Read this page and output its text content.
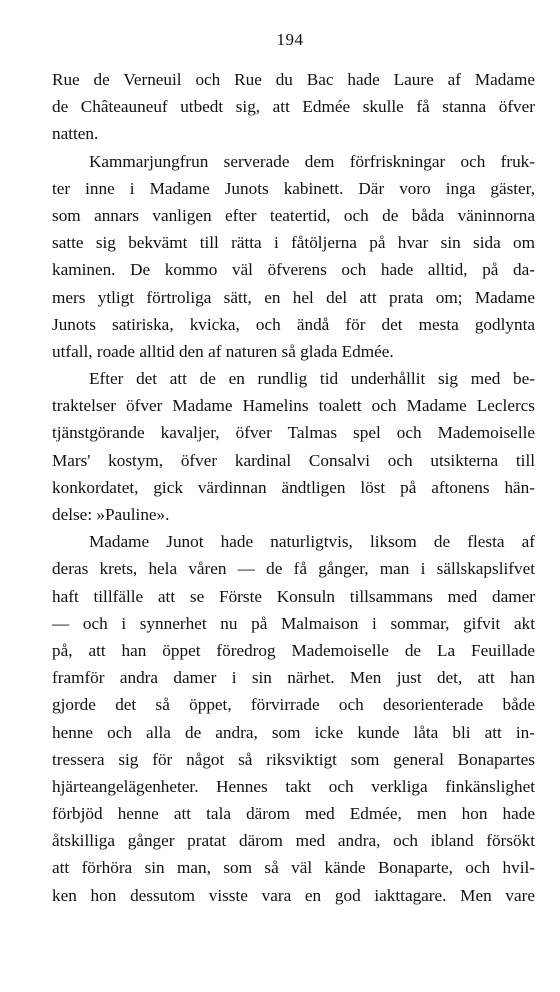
194
Rue de Verneuil och Rue du Bac hade Laure af Madame
de Châteauneuf utbedt sig, att Edmée skulle få stanna öfver
natten.
Kammarjungfrun serverade dem förfriskningar och fruk-
ter inne i Madame Junots kabinett. Där voro inga gäster,
som annars vanligen efter teatertid, och de båda väninnorna
satte sig bekvämt till rätta i fåtöljerna på hvar sin sida om
kaminen. De kommo väl öfverens och hade alltid, på da-
mers ytligt förtroliga sätt, en hel del att prata om; Madame
Junots satiriska, kvicka, och ändå för det mesta godlynta
utfall, roade alltid den af naturen så glada Edmée.
Efter det att de en rundlig tid underhållit sig med be-
traktelser öfver Madame Hamelins toalett och Madame Leclercs
tjänstgörande kavaljer, öfver Talmas spel och Mademoiselle
Mars' kostym, öfver kardinal Consalvi och utsikterna till
konkordatet, gick värdinnan ändtligen löst på aftonens hän-
delse: »Pauline».
Madame Junot hade naturligtvis, liksom de flesta af
deras krets, hela våren — de få gånger, man i sällskapslifvet
haft tillfälle att se Förste Konsuln tillsammans med damer
— och i synnerhet nu på Malmaison i sommar, gifvit akt
på, att han öppet föredrog Mademoiselle de La Feuillade
framför andra damer i sin närhet. Men just det, att han
gjorde det så öppet, förvirrade och desorienterade både
henne och alla de andra, som icke kunde låta bli att in-
tressera sig för något så riksviktigt som general Bonapartes
hjärteangelägenheter. Hennes takt och verkliga finkänslighet
förbjöd henne att tala därom med Edmée, men hon hade
åtskilliga gånger pratat därom med andra, och ibland försökt
att förhöra sin man, som så väl kände Bonaparte, och hvil-
ken hon dessutom visste vara en god iakttagare. Men vare
